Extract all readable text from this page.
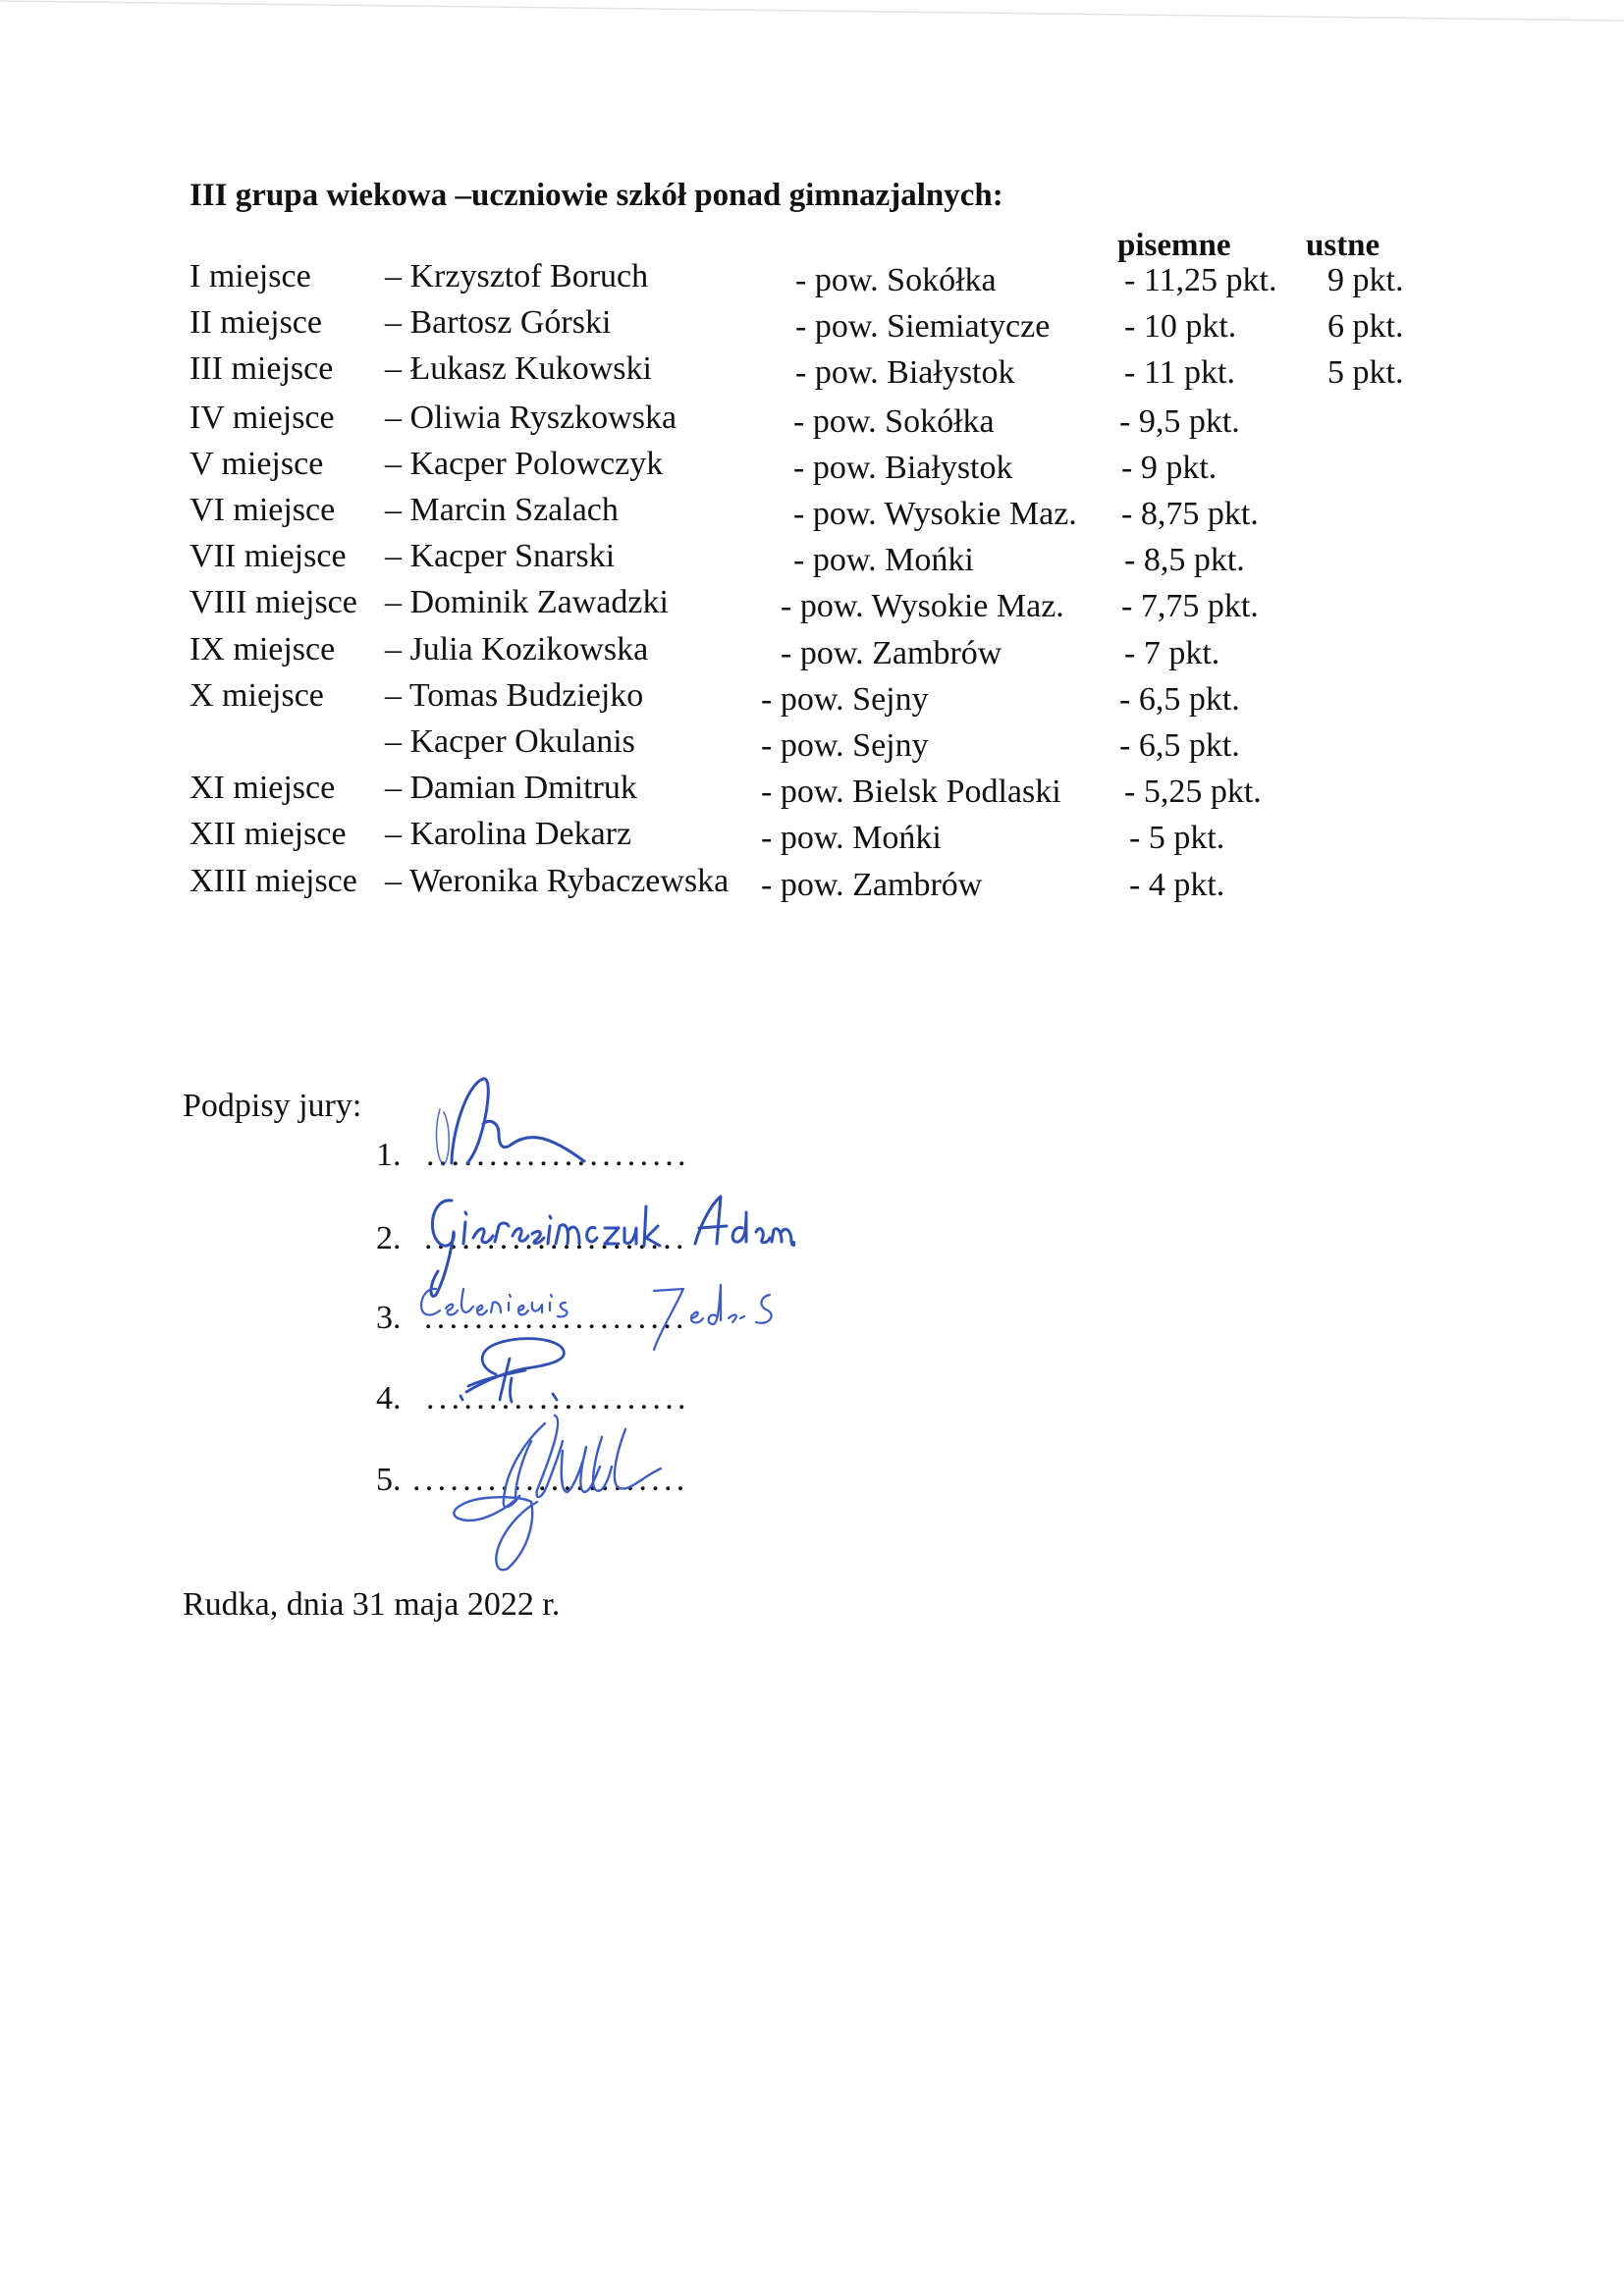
III grupa wiekowa –uczniowie szkół ponad gimnazjalnych:
pisemne ustne
I miejsce – Krzysztof Boruch	- pow. Sokółka	- 11,25 pkt. 9 pkt.
II miejsce – Bartosz Górski	- pow. Siemiatycze - 10 pkt.	6 pkt.
III miejsce – Łukasz Kukowski	- pow. Białystok	- 11 pkt.	5 pkt.
IV miejsce – Oliwia Ryszkowska	- pow. Sokółka	- 9,5 pkt.
V miejsce – Kacper Polowczyk	- pow. Białystok	- 9 pkt.
VI miejsce – Marcin Szalach	- pow. Wysokie Maz. - 8,75 pkt.
VII miejsce – Kacper Snarski	- pow. Mońki	- 8,5 pkt.
VIII miejsce – Dominik Zawadzki	- pow. Wysokie Maz. - 7,75 pkt.
IX miejsce – Julia Kozikowska	- pow. Zambrów	- 7 pkt.
X miejsce – Tomas Budziejko	- pow. Sejny	- 6,5 pkt.
– Kacper Okulanis	- pow. Sejny	- 6,5 pkt.
XI miejsce – Damian Dmitruk	- pow. Bielsk Podlaski - 5,25 pkt.
XII miejsce – Karolina Dekarz	- pow. Mońki	- 5 pkt.
XIII miejsce – Weronika Rybaczewska - pow. Zambrów	- 4 pkt.
Podpisy jury:
1. .....................
2. .....................
3. .....................
4. .....................
5. ......................
Rudka, dnia 31 maja 2022 r.
